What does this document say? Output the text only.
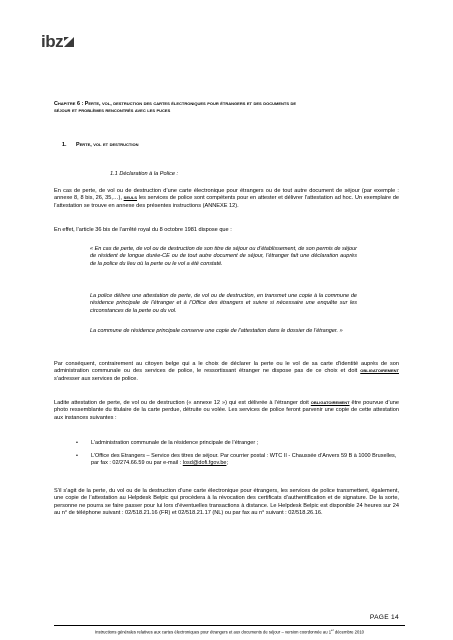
ibz
Chapitre 6 : Perte, vol, destruction des cartes électroniques pour étrangers et des documents de
séjour et problèmes rencontrés avec les puces
1. Perte, vol et destruction
1.1 Déclaration à la Police :
En cas de perte, de vol ou de destruction d’une carte électronique pour étrangers ou de tout autre document de séjour (par exemple : annexe 8, 8 bis, 26, 35,…), seuls les services de police sont compétents pour en attester et délivrer l’attestation ad hoc. Un exemplaire de l’attestation se trouve en annexe des présentes instructions (ANNEXE 12).
En effet, l’article 36 bis de l’arrêté royal du 8 octobre 1981 dispose que :
« En cas de perte, de vol ou de destruction de son titre de séjour ou d’établissement, de son permis de séjour de résident de longue durée-CE ou de tout autre document de séjour, l’étranger fait une déclaration auprès de la police du lieu où la perte ou le vol a été constaté.
La police délivre une attestation de perte, de vol ou de destruction, en transmet une copie à la commune de résidence principale de l’étranger et à l’Office des étrangers et suivre si nécessaire une enquête sur les circonstances de la perte ou du vol.
La commune de résidence principale conserve une copie de l’attestation dans le dossier de l’étranger. »
Par conséquent, contrairement au citoyen belge qui a le choix de déclarer la perte ou le vol de sa carte d’identité auprès de son administration communale ou des services de police, le ressortissant étranger ne dispose pas de ce choix et doit obligatoirement s’adresser aux services de police.
Ladite attestation de perte, de vol ou de destruction (« annexe 12 ») qui est délivrée à l’étranger doit obligatoirement être pourvue d’une photo ressemblante du titulaire de la carte perdue, détruite ou volée. Les services de police feront parvenir une copie de cette attestation aux instances suivantes :
• L’administration communale de la résidence principale de l’étranger ;
• L’Office des Etrangers – Service des titres de séjour. Par courrier postal : WTC II - Chaussée d’Anvers 59 B à 1000 Bruxelles, par fax : 02/274.66.59 ou par e-mail : losd@dofi.fgov.be;
S’il s’agit de la perte, du vol ou de la destruction d’une carte électronique pour étrangers, les services de police transmettent, également, une copie de l’attestation au Helpdesk Belpic qui procèdera à la révocation des certificats d’authentification et de signature. De la sorte, personne ne pourra se faire passer pour lui lors d’éventuelles transactions à distance. Le Helpdesk Belpic est disponible 24 heures sur 24 au n° de téléphone suivant : 02/518.21.16 (FR) et 02/518.21.17 (NL) ou par fax au n° suivant : 02/518.26.16.
PAGE 14
Instructions générales relatives aux cartes électroniques pour étrangers et aux documents de séjour – version coordonnée au 1er décembre 2010
